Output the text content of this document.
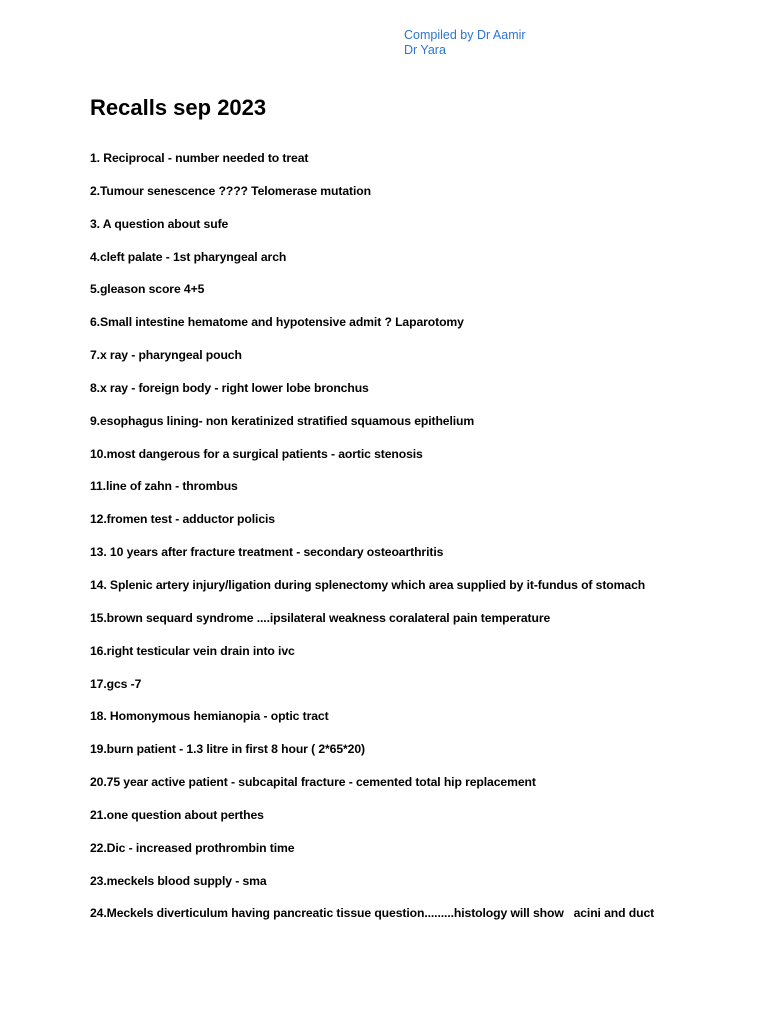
Compiled by Dr Aamir
Dr Yara
Recalls sep 2023
1. Reciprocal - number needed to treat
2.Tumour senescence ???? Telomerase mutation
3. A question about sufe
4.cleft palate - 1st pharyngeal arch
5.gleason score 4+5
6.Small intestine hematome and hypotensive admit ? Laparotomy
7.x ray - pharyngeal pouch
8.x ray - foreign body - right lower lobe bronchus
9.esophagus lining- non keratinized stratified squamous epithelium
10.most dangerous for a surgical patients - aortic stenosis
11.line of zahn - thrombus
12.fromen test - adductor policis
13. 10 years after fracture treatment - secondary osteoarthritis
14. Splenic artery injury/ligation during splenectomy which area supplied by it-fundus of stomach
15.brown sequard syndrome ....ipsilateral weakness coralateral pain temperature
16.right testicular vein drain into ivc
17.gcs -7
18. Homonymous hemianopia - optic tract
19.burn patient - 1.3 litre in first 8 hour ( 2*65*20)
20.75 year active patient - subcapital fracture - cemented total hip replacement
21.one question about perthes
22.Dic - increased prothrombin time
23.meckels blood supply - sma
24.Meckels diverticulum having pancreatic tissue question.........histology will show   acini and duct
